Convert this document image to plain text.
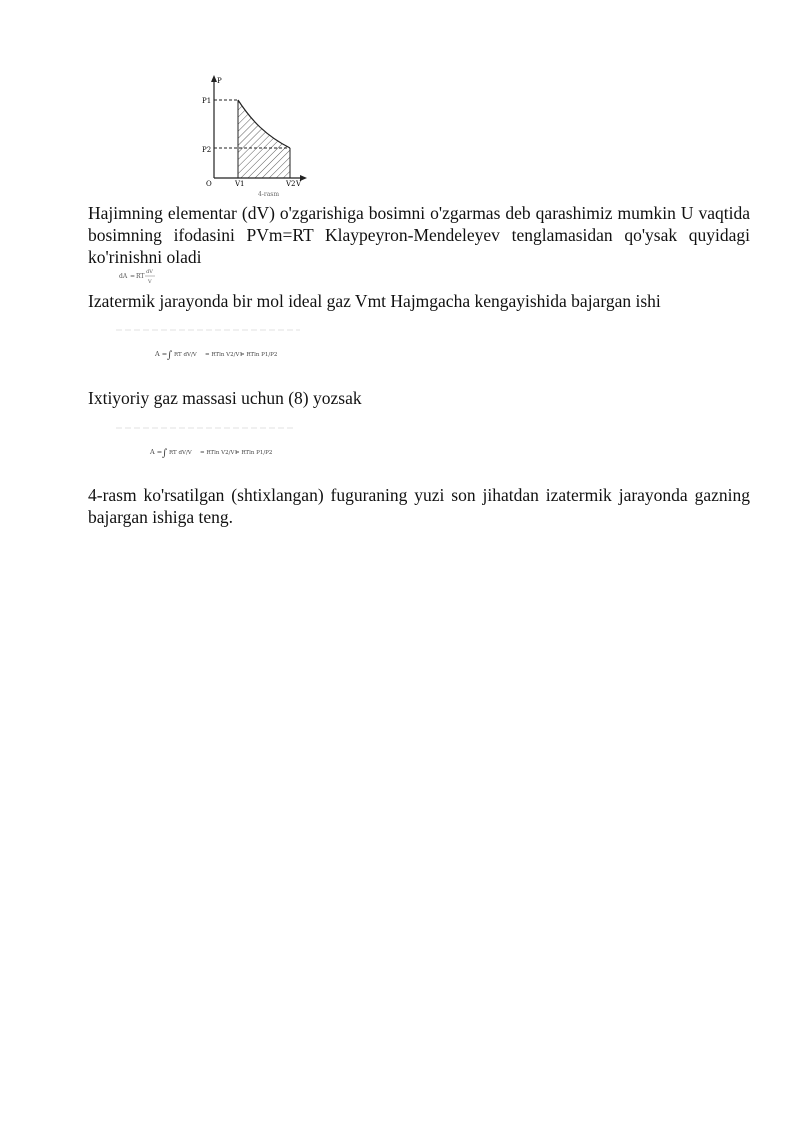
P
P1
P2
O	V1	V2 V
4-rasm

Hajimning elementar (dV) o'zgarishiga bosimni o'zgarmas deb qarashimiz mumkin U vaqtida bosimning ifodasini PVm=RT Klaypeyron-Mendeleyev tenglamasidan qo'ysak quyidagi ko'rinishni oladi

dA = RT
dV
V

Izatermik jarayonda bir mol ideal gaz Vmt Hajmgacha kengayishida bajargan ishi

A = ∫ RT dV/V = RTln V2/V1
= RTln P1/P2

Ixtiyoriy gaz massasi uchun (8) yozsak

A = ∫ RT dV/V = RTln V2/V1
= RTln P1/P2

4-rasm ko'rsatilgan (shtixlangan) fuguraning yuzi son jihatdan izatermik jarayonda gazning bajargan ishiga teng.
